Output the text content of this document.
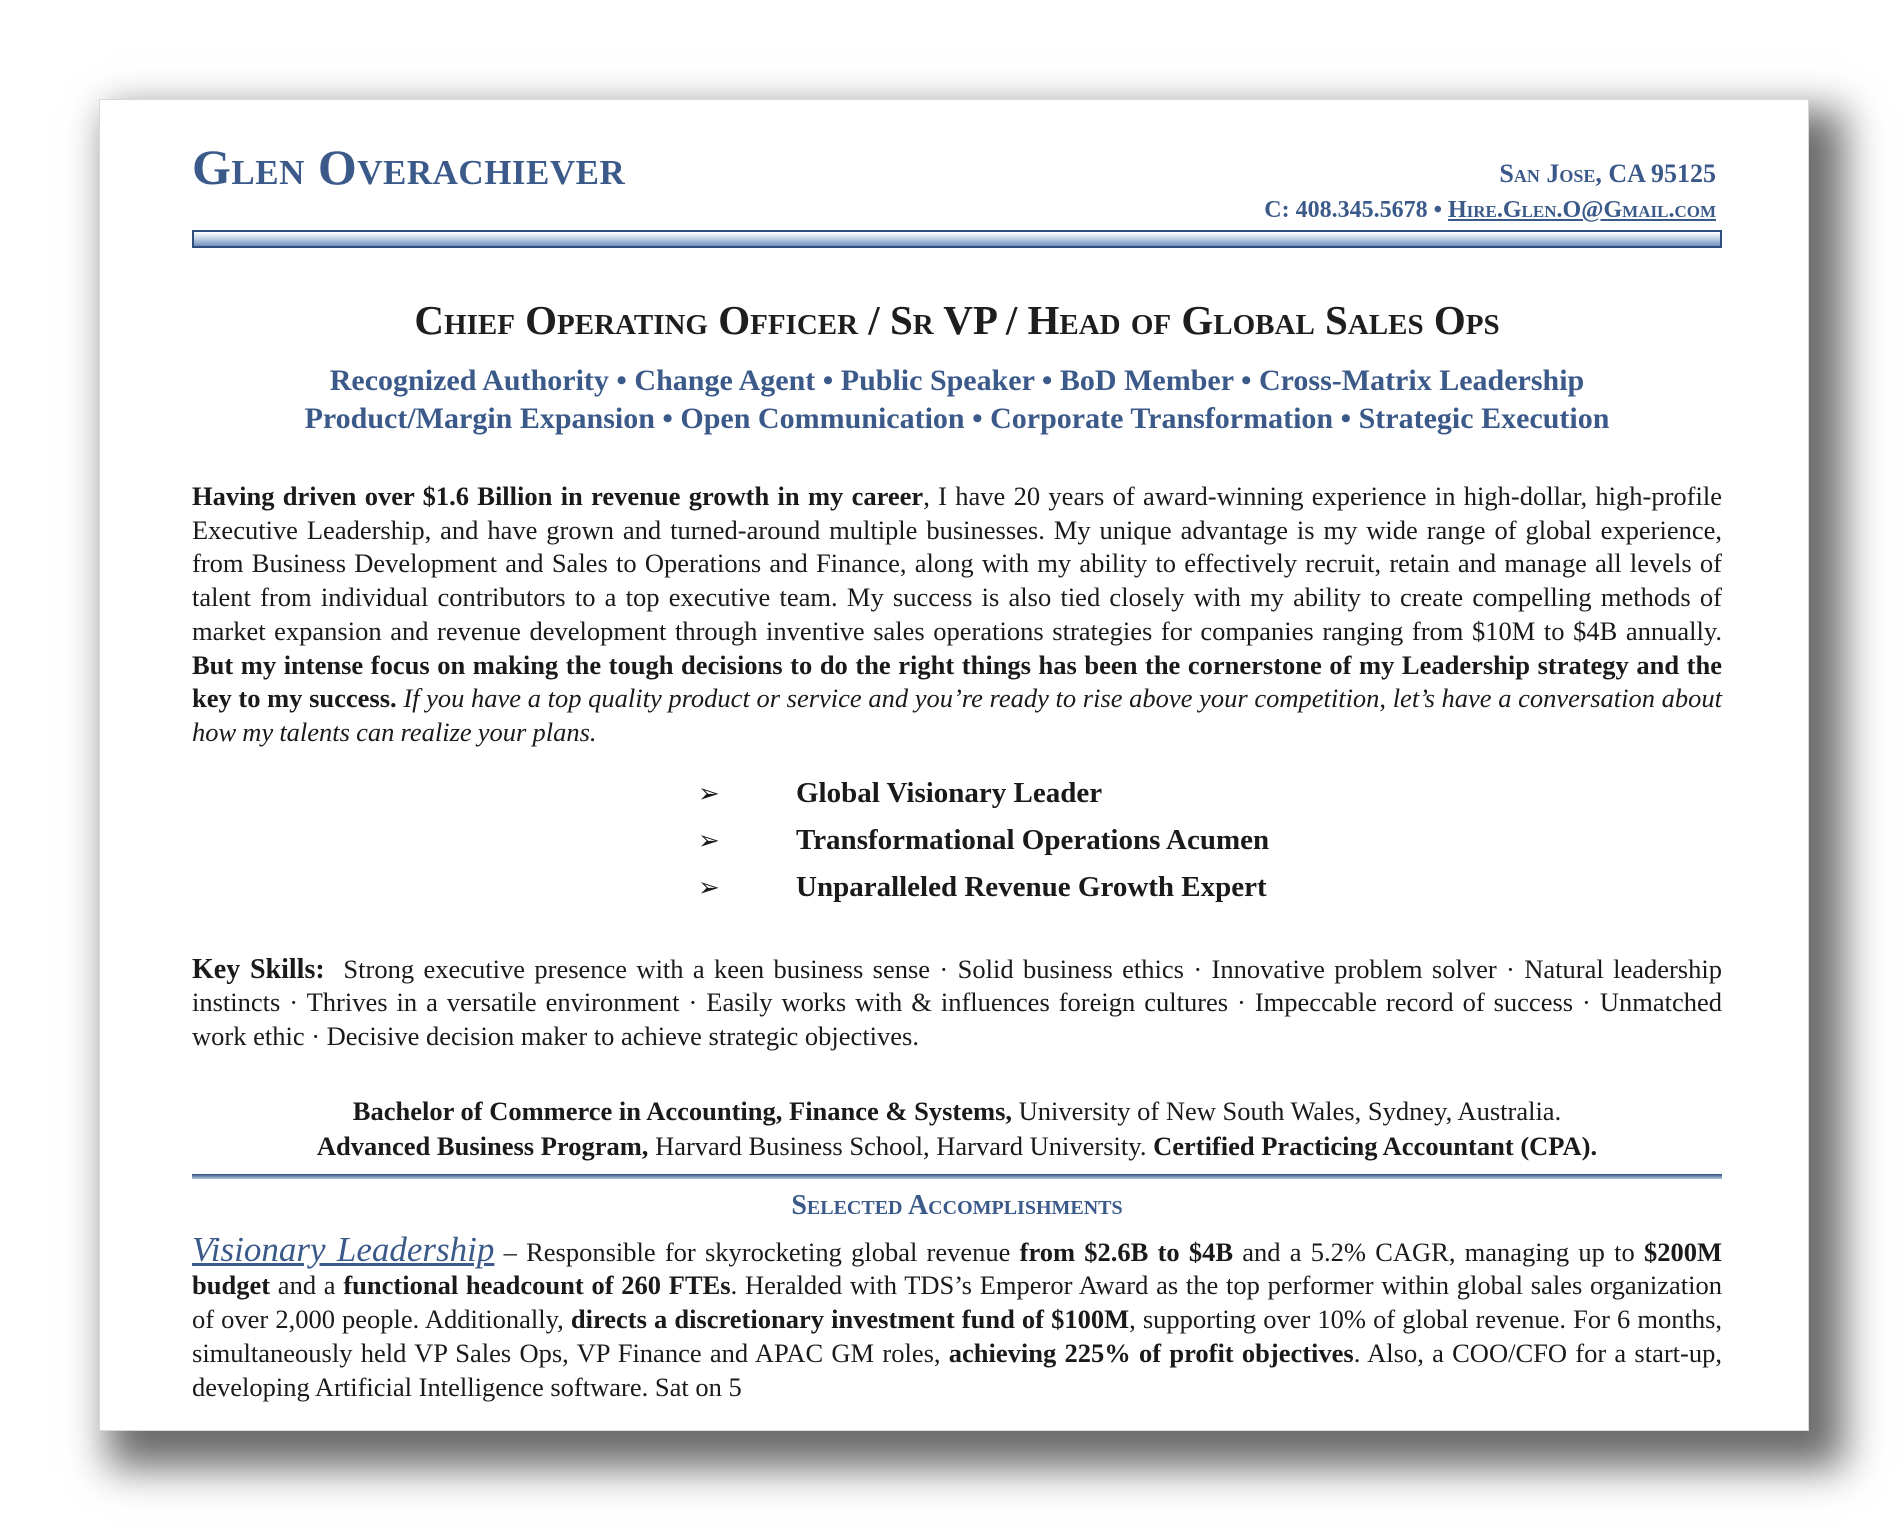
Glen Overachiever	San Jose, CA 95125
C: 408.345.5678 • Hire.Glen.O@Gmail.com
Chief Operating Officer / Sr VP / Head of Global Sales Ops
Recognized Authority • Change Agent • Public Speaker • BoD Member • Cross-Matrix Leadership
Product/Margin Expansion • Open Communication • Corporate Transformation • Strategic Execution

Having driven over $1.6 Billion in revenue growth in my career, I have 20 years of award-winning experience in high-dollar, high-profile Executive Leadership, and have grown and turned-around multiple businesses. My unique advantage is my wide range of global experience, from Business Development and Sales to Operations and Finance, along with my ability to effectively recruit, retain and manage all levels of talent from individual contributors to a top executive team. My success is also tied closely with my ability to create compelling methods of market expansion and revenue development through inventive sales operations strategies for companies ranging from $10M to $4B annually. But my intense focus on making the tough decisions to do the right things has been the cornerstone of my Leadership strategy and the key to my success. If you have a top quality product or service and you’re ready to rise above your competition, let’s have a conversation about how my talents can realize your plans.

➢	Global Visionary Leader
➢	Transformational Operations Acumen
➢	Unparalleled Revenue Growth Expert

Key Skills: Strong executive presence with a keen business sense · Solid business ethics · Innovative problem solver · Natural leadership instincts · Thrives in a versatile environment · Easily works with & influences foreign cultures · Impeccable record of success · Unmatched work ethic · Decisive decision maker to achieve strategic objectives.

Bachelor of Commerce in Accounting, Finance & Systems, University of New South Wales, Sydney, Australia.
Advanced Business Program, Harvard Business School, Harvard University. Certified Practicing Accountant (CPA).
Selected Accomplishments

Visionary Leadership – Responsible for skyrocketing global revenue from $2.6B to $4B and a 5.2% CAGR, managing up to $200M budget and a functional headcount of 260 FTEs. Heralded with TDS’s Emperor Award as the top performer within global sales organization of over 2,000 people. Additionally, directs a discretionary investment fund of $100M, supporting over 10% of global revenue. For 6 months, simultaneously held VP Sales Ops, VP Finance and APAC GM roles, achieving 225% of profit objectives. Also, a COO/CFO for a start-up, developing Artificial Intelligence software. Sat on 5
